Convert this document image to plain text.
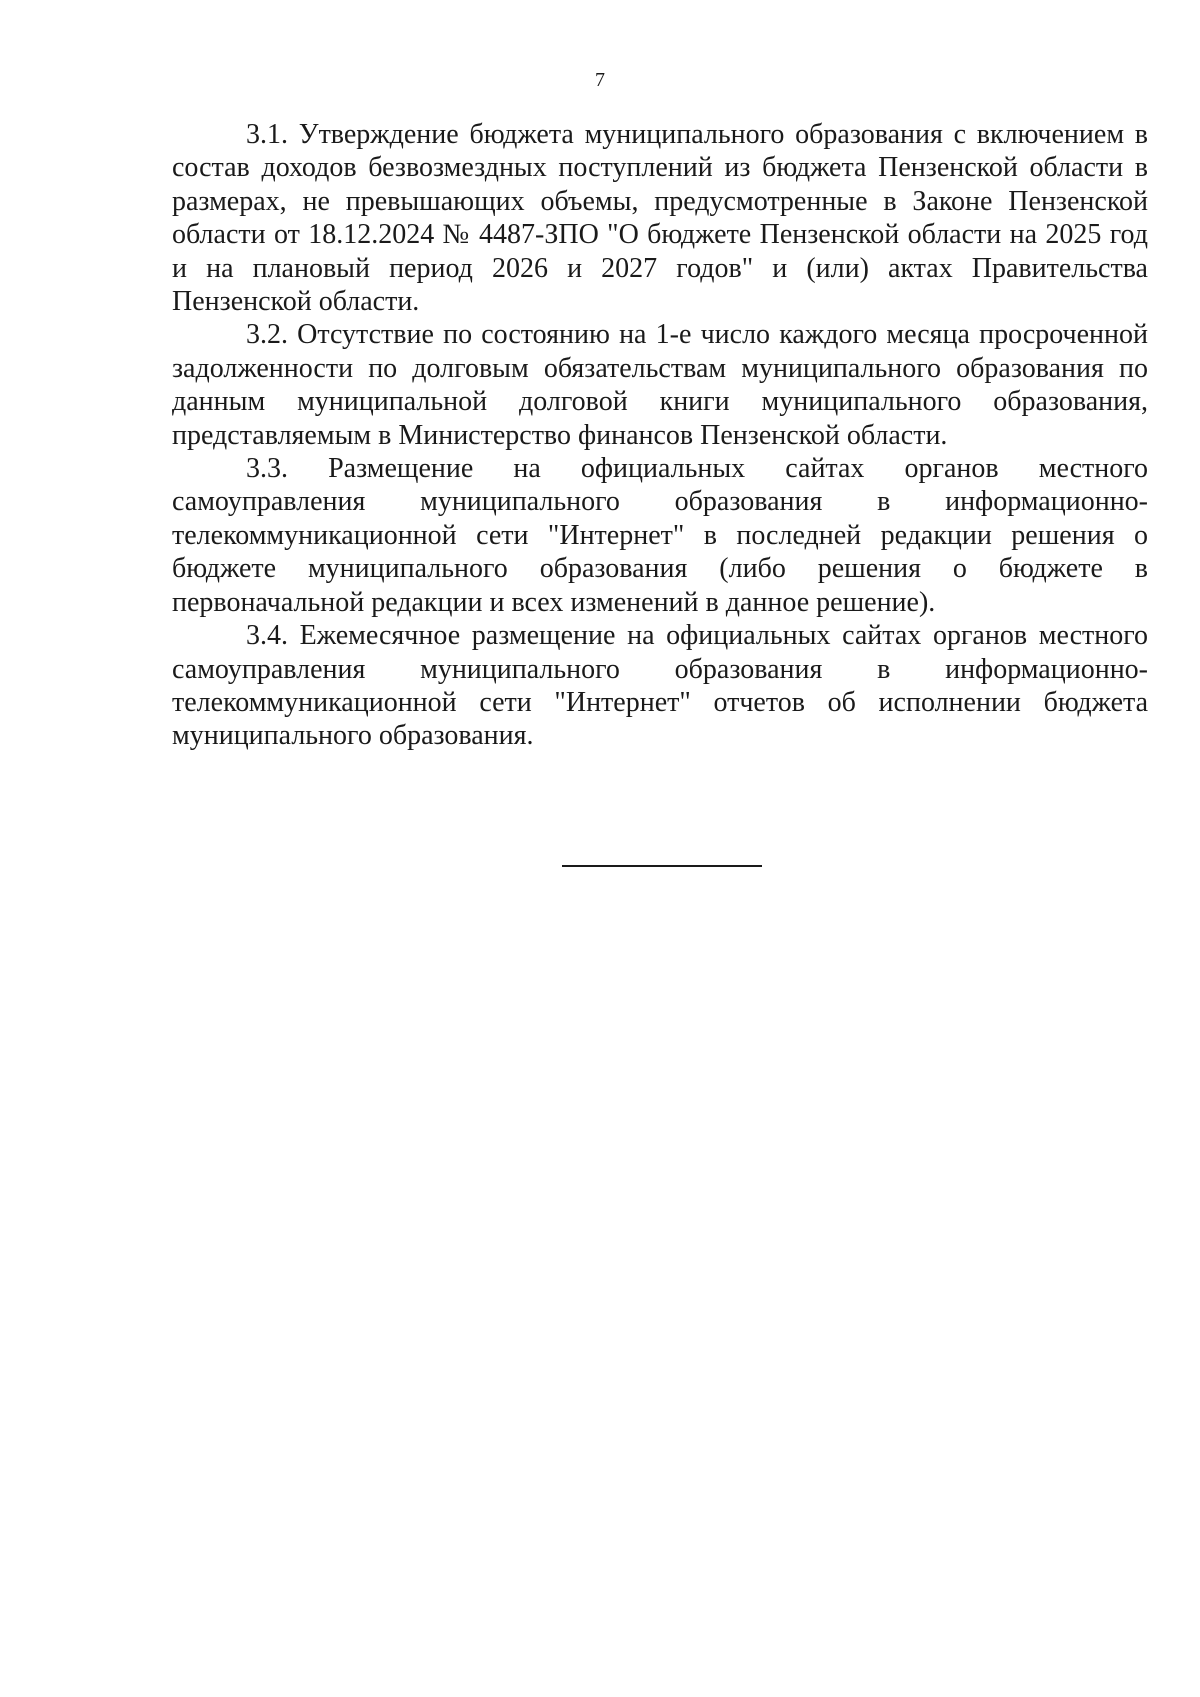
7

3.1. Утверждение бюджета муниципального образования с включением в состав доходов безвозмездных поступлений из бюджета Пензенской области в размерах, не превышающих объемы, предусмотренные в Законе Пензенской области от 18.12.2024 № 4487-ЗПО "О бюджете Пензенской области на 2025 год и на плановый период 2026 и 2027 годов" и (или) актах Правительства Пензенской области.

3.2. Отсутствие по состоянию на 1-е число каждого месяца просроченной задолженности по долговым обязательствам муниципального образования по данным муниципальной долговой книги муниципального образования, представляемым в Министерство финансов Пензенской области.

3.3. Размещение на официальных сайтах органов местного самоуправления муниципального образования в информационно-телекоммуникационной сети "Интернет" в последней редакции решения о бюджете муниципального образования (либо решения о бюджете в первоначальной редакции и всех изменений в данное решение).

3.4. Ежемесячное размещение на официальных сайтах органов местного самоуправления муниципального образования в информационно-телекоммуникационной сети "Интернет" отчетов об исполнении бюджета муниципального образования.
